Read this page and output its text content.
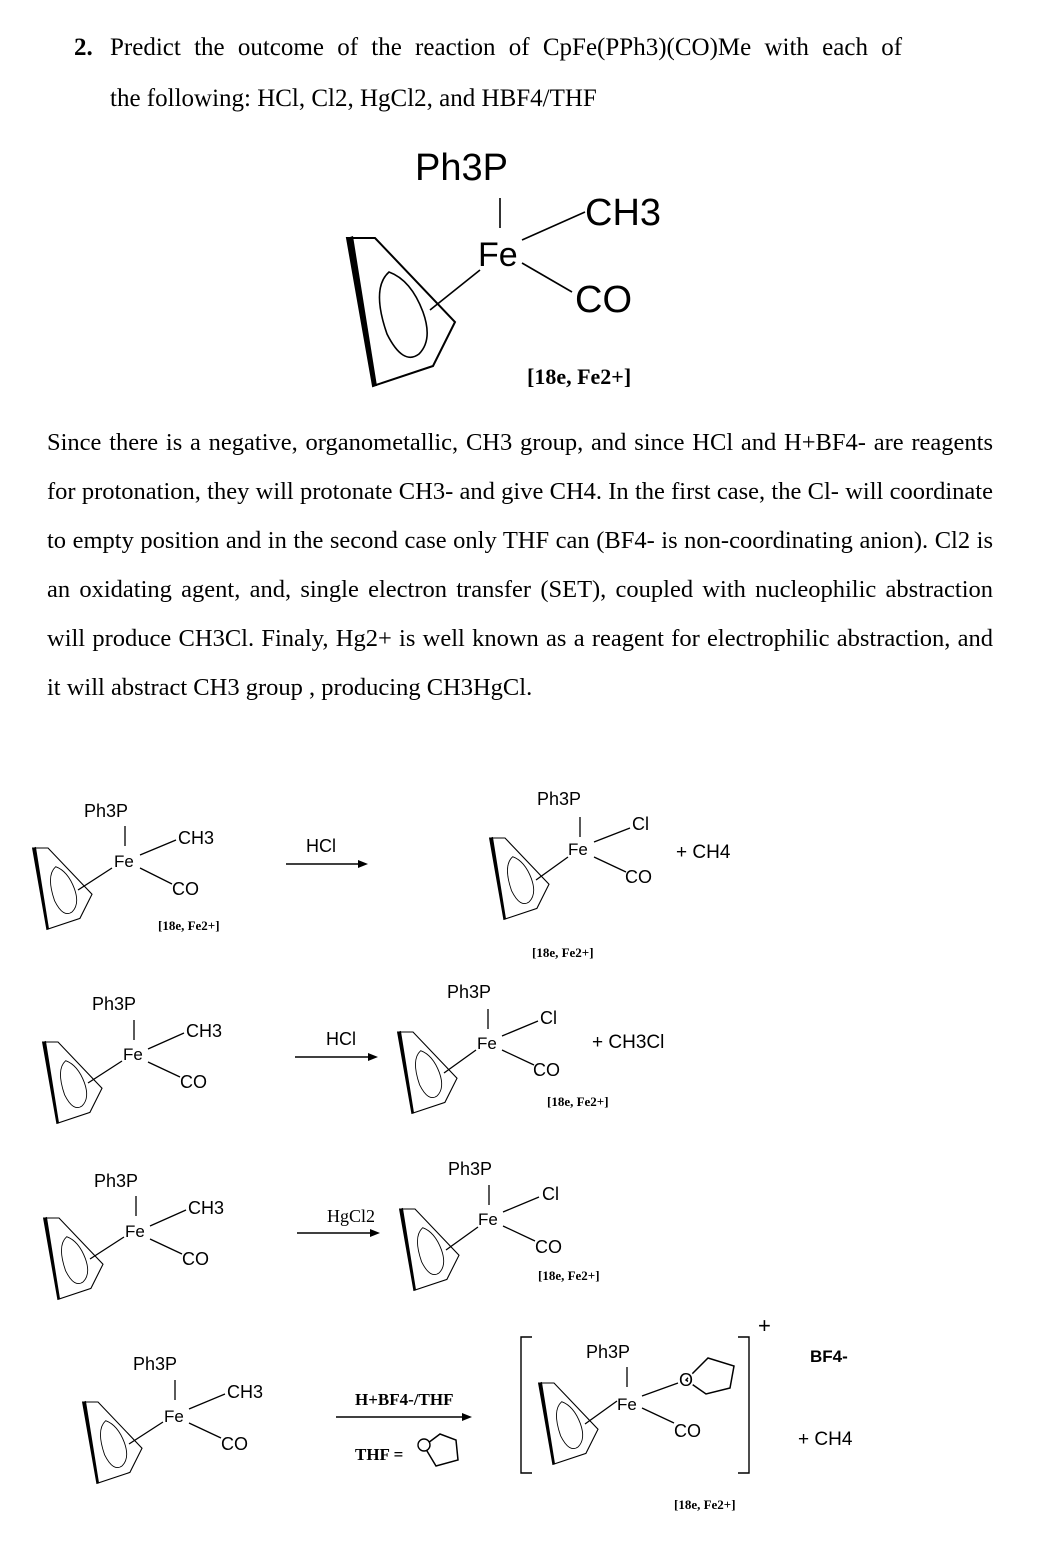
2. Predict the outcome of the reaction of CpFe(PPh3)(CO)Me with each of
the following: HCl, Cl2, HgCl2, and HBF4/THF

Since there is a negative, organometallic, CH3 group, and since HCl and H+BF4- are reagents for protonation, they will protonate CH3- and give CH4. In the first case, the Cl- will coordinate to empty position and in the second case only THF can (BF4- is non-coordinating anion). Cl2 is an oxidating agent, and, single electron transfer (SET), coupled with nucleophilic abstraction will produce CH3Cl. Finaly, Hg2+ is well known as a reagent for electrophilic abstraction, and it will abstract CH3 group , producing CH3HgCl.

Ph3P
Fe
CH3
CO
[18e, Fe2+]
Ph3P
Fe
CH3
CO
[18e, Fe2+]
HCl
Ph3P
Fe
Cl
CO
[18e, Fe2+]
+ CH4
Ph3P
Fe
CH3
CO
HCl
Ph3P
Fe
Cl
CO
[18e, Fe2+]
+ CH3Cl
Ph3P
Fe
CH3
CO
HgCl2
Ph3P
Fe
Cl
CO
[18e, Fe2+]
Ph3P
Fe
CH3
CO
H+BF4-/THF
THF =
+
Ph3P
Fe
O
CO
BF4-
+ CH4
[18e, Fe2+]
